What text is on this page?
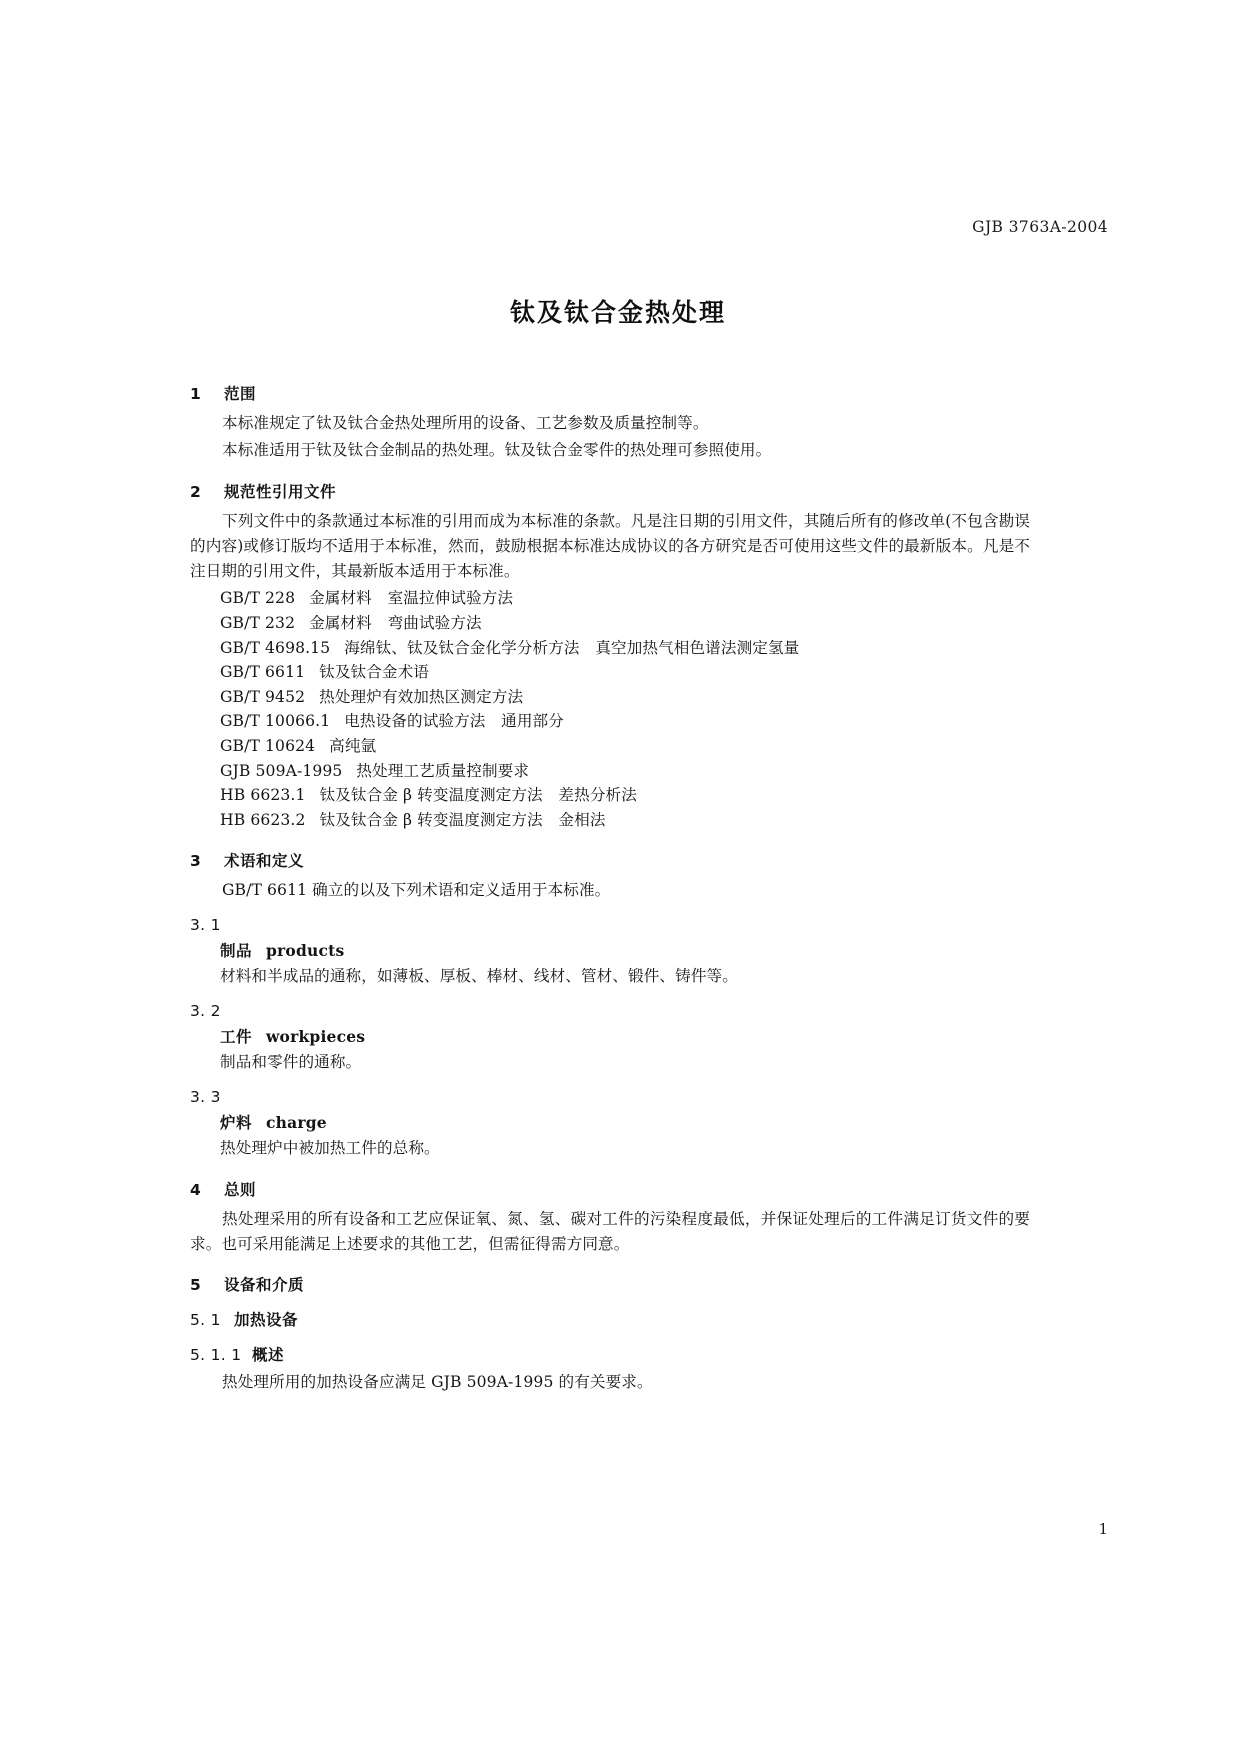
GJB 3763A-2004
钛及钛合金热处理
1 范围

本标准规定了钛及钛合金热处理所用的设备、工艺参数及质量控制等。

本标准适用于钛及钛合金制品的热处理。钛及钛合金零件的热处理可参照使用。

2 规范性引用文件

下列文件中的条款通过本标准的引用而成为本标准的条款。凡是注日期的引用文件，其随后所有的修改单(不包含勘误的内容)或修订版均不适用于本标准，然而，鼓励根据本标准达成协议的各方研究是否可使用这些文件的最新版本。凡是不注日期的引用文件，其最新版本适用于本标准。

GB/T 228 金属材料　室温拉伸试验方法
GB/T 232 金属材料　弯曲试验方法
GB/T 4698.15 海绵钛、钛及钛合金化学分析方法　真空加热气相色谱法测定氢量
GB/T 6611 钛及钛合金术语
GB/T 9452 热处理炉有效加热区测定方法
GB/T 10066.1 电热设备的试验方法　通用部分
GB/T 10624 高纯氩
GJB 509A-1995 热处理工艺质量控制要求
HB 6623.1 钛及钛合金 β 转变温度测定方法　差热分析法
HB 6623.2 钛及钛合金 β 转变温度测定方法　金相法
3 术语和定义

GB/T 6611 确立的以及下列术语和定义适用于本标准。

3. 1
制品 products

材料和半成品的通称，如薄板、厚板、棒材、线材、管材、锻件、铸件等。

3. 2
工件 workpieces

制品和零件的通称。

3. 3
炉料 charge

热处理炉中被加热工件的总称。

4 总则

热处理采用的所有设备和工艺应保证氧、氮、氢、碳对工件的污染程度最低，并保证处理后的工件满足订货文件的要求。也可采用能满足上述要求的其他工艺，但需征得需方同意。

5 设备和介质
5. 1 加热设备
5. 1. 1 概述

热处理所用的加热设备应满足 GJB 509A-1995 的有关要求。

1
